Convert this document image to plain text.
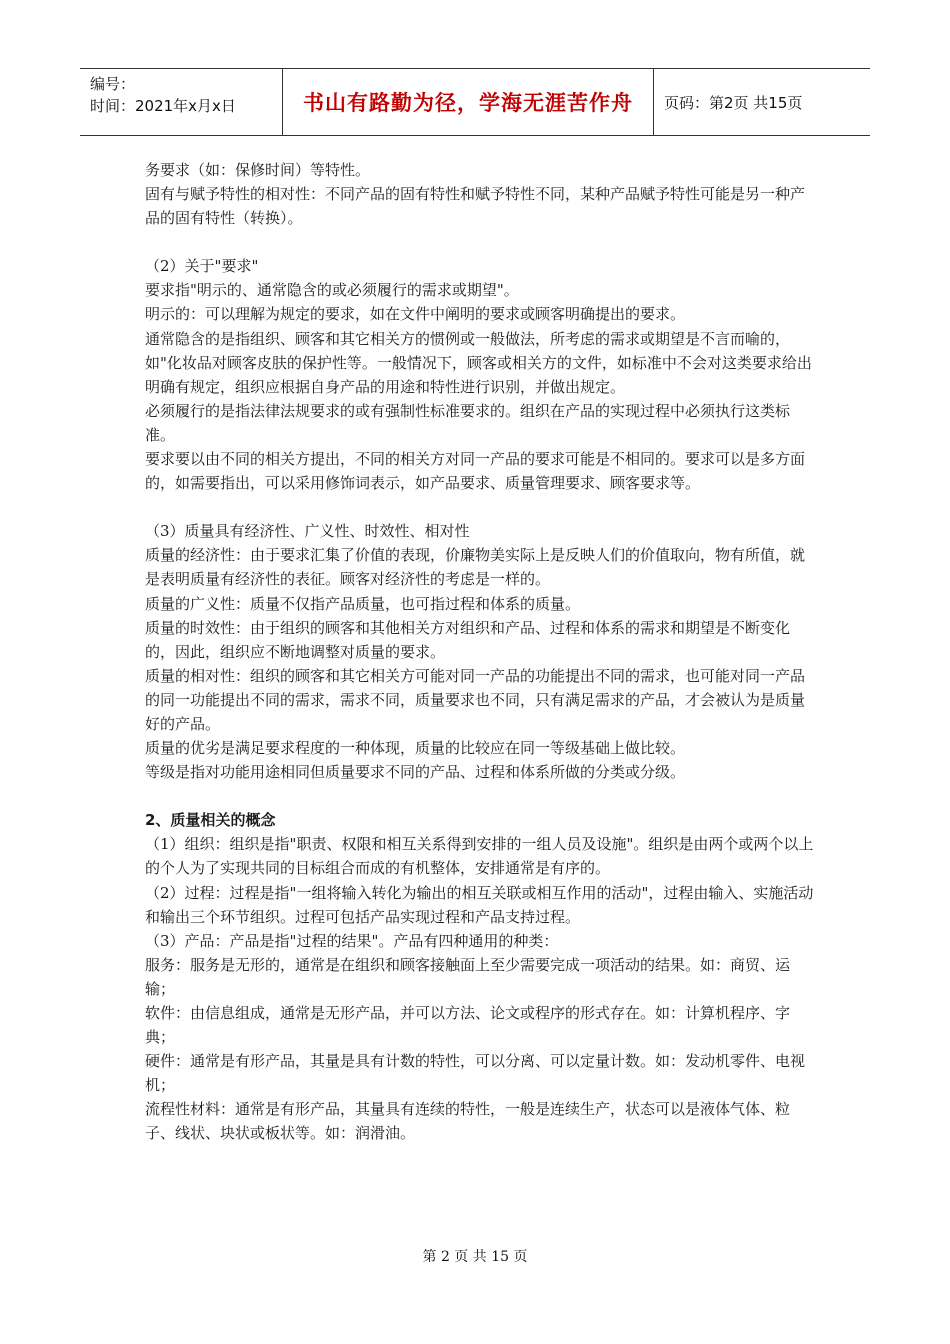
编号：
时间：2021年x月x日	书山有路勤为径，学海无涯苦作舟	页码：第2页 共15页

务要求（如：保修时间）等特性。

固有与赋予特性的相对性：不同产品的固有特性和赋予特性不同，某种产品赋予特性可能是另一种产品的固有特性（转换）。

（2）关于"要求"

要求指"明示的、通常隐含的或必须履行的需求或期望"。

明示的：可以理解为规定的要求，如在文件中阐明的要求或顾客明确提出的要求。

通常隐含的是指组织、顾客和其它相关方的惯例或一般做法，所考虑的需求或期望是不言而喻的，如"化妆品对顾客皮肤的保护性等。一般情况下，顾客或相关方的文件，如标准中不会对这类要求给出明确有规定，组织应根据自身产品的用途和特性进行识别，并做出规定。

必须履行的是指法律法规要求的或有强制性标准要求的。组织在产品的实现过程中必须执行这类标准。

要求要以由不同的相关方提出，不同的相关方对同一产品的要求可能是不相同的。要求可以是多方面的，如需要指出，可以采用修饰词表示，如产品要求、质量管理要求、顾客要求等。

（3）质量具有经济性、广义性、时效性、相对性

质量的经济性：由于要求汇集了价值的表现，价廉物美实际上是反映人们的价值取向，物有所值，就是表明质量有经济性的表征。顾客对经济性的考虑是一样的。

质量的广义性：质量不仅指产品质量，也可指过程和体系的质量。

质量的时效性：由于组织的顾客和其他相关方对组织和产品、过程和体系的需求和期望是不断变化的，因此，组织应不断地调整对质量的要求。

质量的相对性：组织的顾客和其它相关方可能对同一产品的功能提出不同的需求，也可能对同一产品的同一功能提出不同的需求，需求不同，质量要求也不同，只有满足需求的产品，才会被认为是质量好的产品。

质量的优劣是满足要求程度的一种体现，质量的比较应在同一等级基础上做比较。

等级是指对功能用途相同但质量要求不同的产品、过程和体系所做的分类或分级。

2、质量相关的概念

（1）组织：组织是指"职责、权限和相互关系得到安排的一组人员及设施"。组织是由两个或两个以上的个人为了实现共同的目标组合而成的有机整体，安排通常是有序的。

（2）过程：过程是指"一组将输入转化为输出的相互关联或相互作用的活动"，过程由输入、实施活动和输出三个环节组织。过程可包括产品实现过程和产品支持过程。

（3）产品：产品是指"过程的结果"。产品有四种通用的种类：

服务：服务是无形的，通常是在组织和顾客接触面上至少需要完成一项活动的结果。如：商贸、运输；

软件：由信息组成，通常是无形产品，并可以方法、论文或程序的形式存在。如：计算机程序、字典；

硬件：通常是有形产品，其量是具有计数的特性，可以分离、可以定量计数。如：发动机零件、电视机；

流程性材料：通常是有形产品，其量具有连续的特性，一般是连续生产，状态可以是液体气体、粒子、线状、块状或板状等。如：润滑油。

第 2 页 共 15 页
